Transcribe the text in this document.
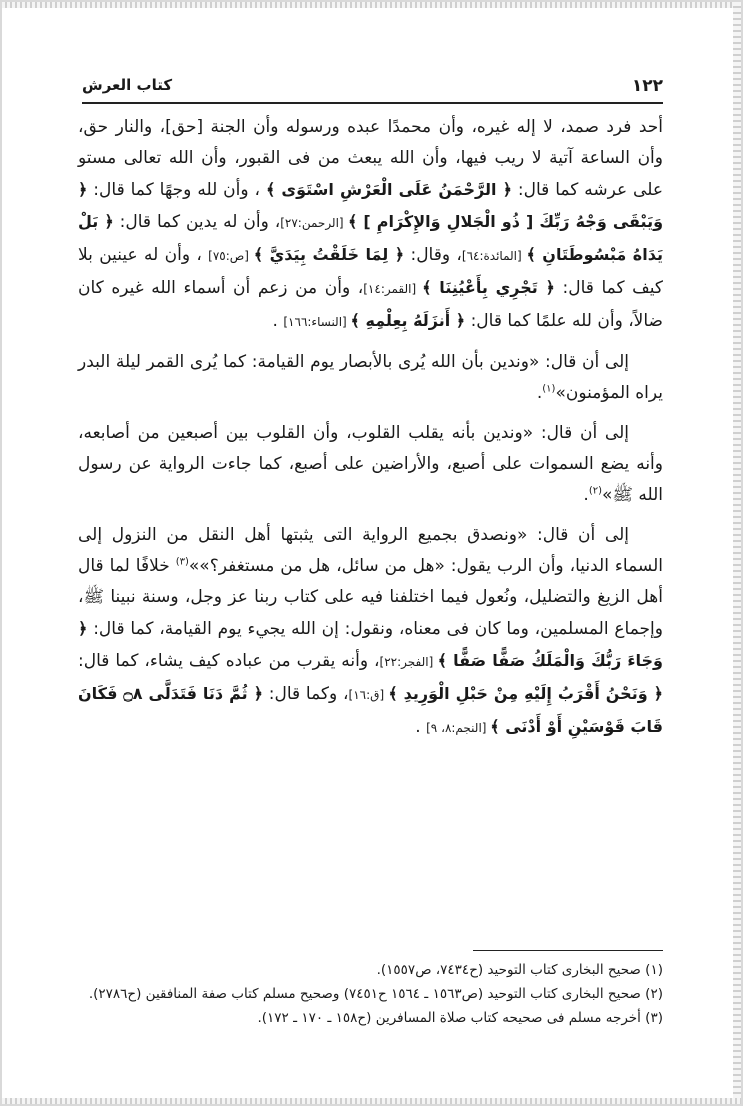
١٢٢
كتاب العرش

أحد فرد صمد، لا إله غيره، وأن محمدًا عبده ورسوله وأن الجنة [حق]، والنار حق، وأن الساعة آتية لا ريب فيها، وأن الله يبعث من فى القبور، وأن الله تعالى مستو على عرشه كما قال: ﴿ الرَّحْمَنُ عَلَى الْعَرْشِ اسْتَوَى ﴾ ، وأن لله وجهًا كما قال: ﴿ وَيَبْقَى وَجْهُ رَبِّكَ [ ذُو الْجَلالِ وَالإِكْرَامِ ] ﴾ [الرحمن:٢٧]، وأن له يدين كما قال: ﴿ بَلْ يَدَاهُ مَبْسُوطَتَانِ ﴾ [المائدة:٦٤]، وقال: ﴿ لِمَا خَلَقْتُ بِيَدَيَّ ﴾ [ص:٧٥] ، وأن له عينين بلا كيف كما قال: ﴿ تَجْرِي بِأَعْيُنِنَا ﴾ [القمر:١٤]، وأن من زعم أن أسماء الله غيره كان ضالاً، وأن لله علمًا كما قال: ﴿ أَنزَلَهُ بِعِلْمِهِ ﴾ [النساء:١٦٦] .

إلى أن قال: «وندين بأن الله يُرى بالأبصار يوم القيامة: كما يُرى القمر ليلة البدر يراه المؤمنون»$^{(١)}$.

إلى أن قال: «وندين بأنه يقلب القلوب، وأن القلوب بين أصبعين من أصابعه، وأنه يضع السموات على أصبع، والأراضين على أصبع، كما جاءت الرواية عن رسول الله ﷺ»$^{(٢)}$.

إلى أن قال: «ونصدق بجميع الرواية التى يثبتها أهل النقل من النزول إلى السماء الدنيا، وأن الرب يقول: «هل من سائل، هل من مستغفر؟»»$^{(٣)}$ خلافًا لما قال أهل الزيغ والتضليل، ونُعول فيما اختلفنا فيه على كتاب ربنا عز وجل، وسنة نبينا ﷺ، وإجماع المسلمين، وما كان فى معناه، ونقول: إن الله يجيء يوم القيامة، كما قال: ﴿ وَجَاءَ رَبُّكَ وَالْمَلَكُ صَفًّا صَفًّا ﴾ [الفجر:٢٢]، وأنه يقرب من عباده كيف يشاء، كما قال: ﴿ وَنَحْنُ أَقْرَبُ إِلَيْهِ مِنْ حَبْلِ الْوَرِيدِ ﴾ [ق:١٦]، وكما قال: ﴿ ثُمَّ دَنَا فَتَدَلَّى ۝٨ فَكَانَ قَابَ قَوْسَيْنِ أَوْ أَدْنَى ﴾ [النجم:٨، ٩] .

(١) صحيح البخارى كتاب التوحيد (ح٧٤٣٤، ص١٥٥٧).

(٢) صحيح البخارى كتاب التوحيد (ص١٥٦٣ ـ ١٥٦٤ ح٧٤٥١) وصحيح مسلم كتاب صفة المنافقين (ح٢٧٨٦).

(٣) أخرجه مسلم فى صحيحه كتاب صلاة المسافرين (ح١٥٨ ـ ١٧٠ ـ ١٧٢).
